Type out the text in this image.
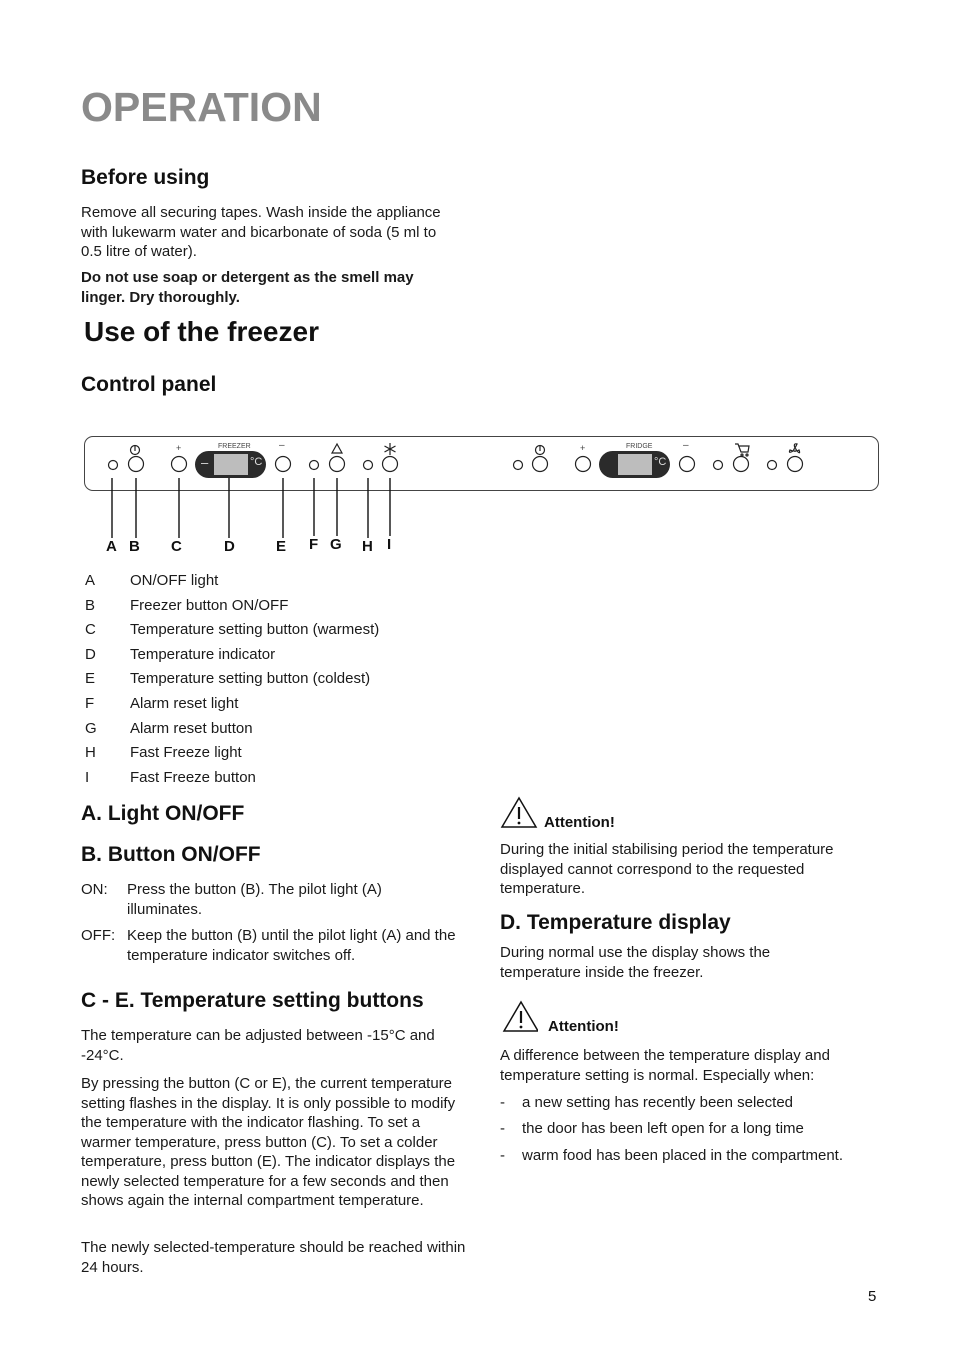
OPERATION
Before using

Remove all securing tapes. Wash inside the appliance with lukewarm water and bicarbonate of soda (5 ml to 0.5 litre of water).

Do not use soap or detergent as the smell may linger. Dry thoroughly.

Use of the freezer
Control panel
FREEZER	FRIDGE
+	–	+	–
–	°C	°C
A B C	D	E F G H I
A	ON/OFF light
B	Freezer button ON/OFF
C	Temperature setting button (warmest)
D	Temperature indicator
E	Temperature setting button (coldest)
F	Alarm reset light
G	Alarm reset button
H	Fast Freeze light
I	Fast Freeze button
A. Light ON/OFF
B. Button ON/OFF
ON: Press the button (B). The pilot light (A) illuminates.
OFF: Keep the button (B) until the pilot light (A) and the temperature indicator switches off.
C - E. Temperature setting buttons

The temperature can be adjusted between -15°C and -24°C.

By pressing the button (C or E), the current temperature setting flashes in the display. It is only possible to modify the temperature with the indicator flashing. To set a warmer temperature, press button (C). To set a colder temperature, press button (E). The indicator displays the newly selected temperature for a few seconds and then shows again the internal compartment temperature.

The newly selected-temperature should be reached within 24 hours.

Attention!

During the initial stabilising period the temperature displayed cannot correspond to the requested temperature.

D. Temperature display

During normal use the display shows the temperature inside the freezer.

Attention!

A difference between the temperature display and temperature setting is normal. Especially when:

- a new setting has recently been selected
- the door has been left open for a long time
- warm food has been placed in the compartment.
5
